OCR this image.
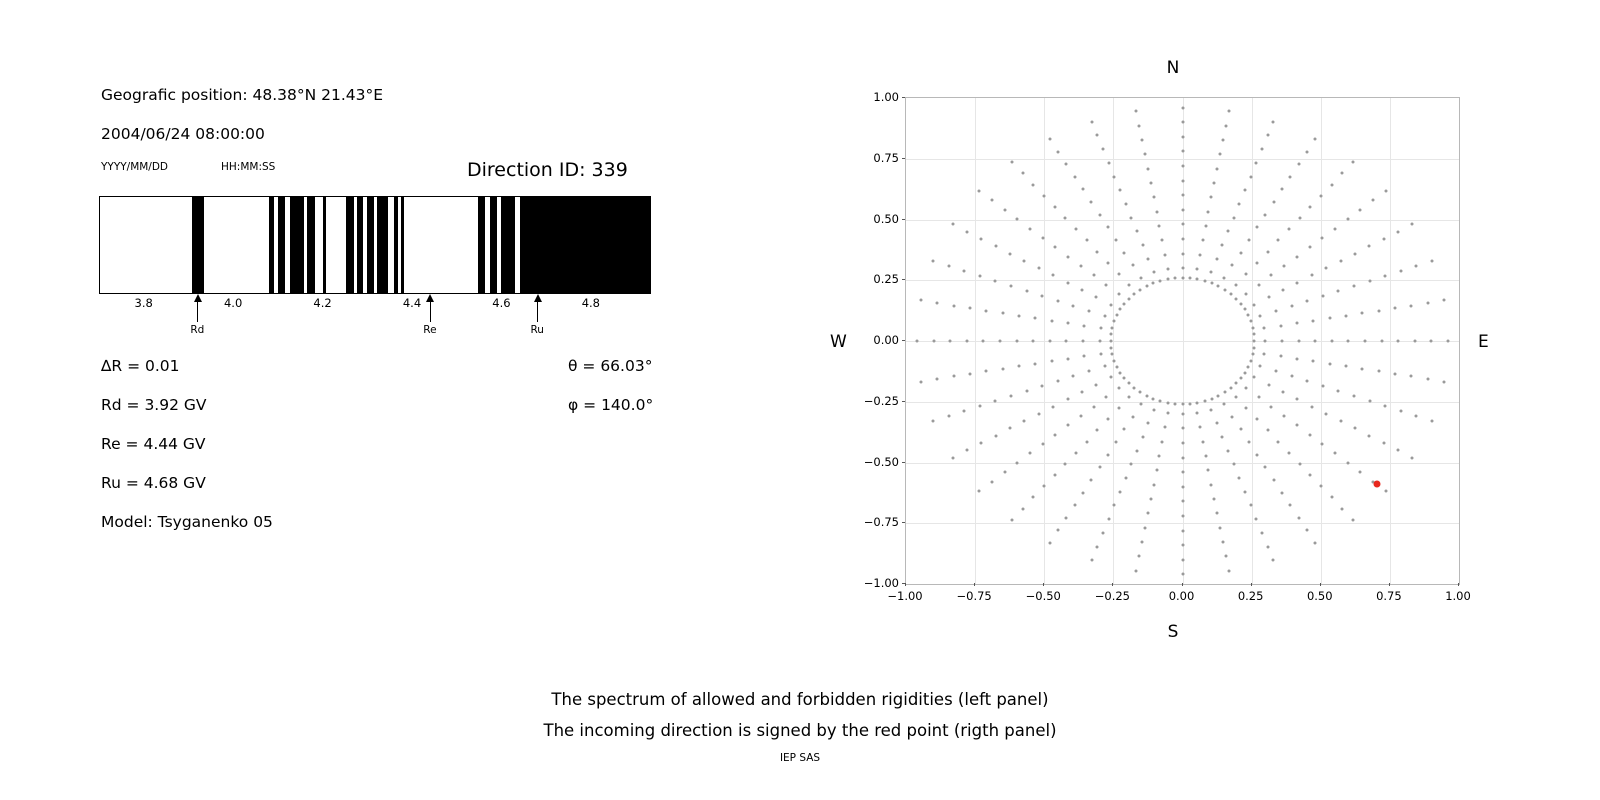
Geografic position: 48.38°N 21.43°E
2004/06/24 08:00:00
YYYY/MM/DD	HH:MM:SS	Direction ID: 339
3.8	4.0	4.2	4.4	4.6	4.8
Rd	Re	Ru
∆R = 0.01
Rd = 3.92 GV
Re = 4.44 GV
Ru = 4.68 GV
Model: Tsyganenko 05
θ = 66.03°
φ = 140.0°
N
S
W	E
−1.00	−0.75	−0.50	−0.25	0.00	0.25	0.50	0.75	1.00
−1.00
−0.75
−0.50
−0.25
0.00
0.25
0.50
0.75
1.00
The spectrum of allowed and forbidden rigidities (left panel)
The incoming direction is signed by the red point (rigth panel)
IEP SAS
